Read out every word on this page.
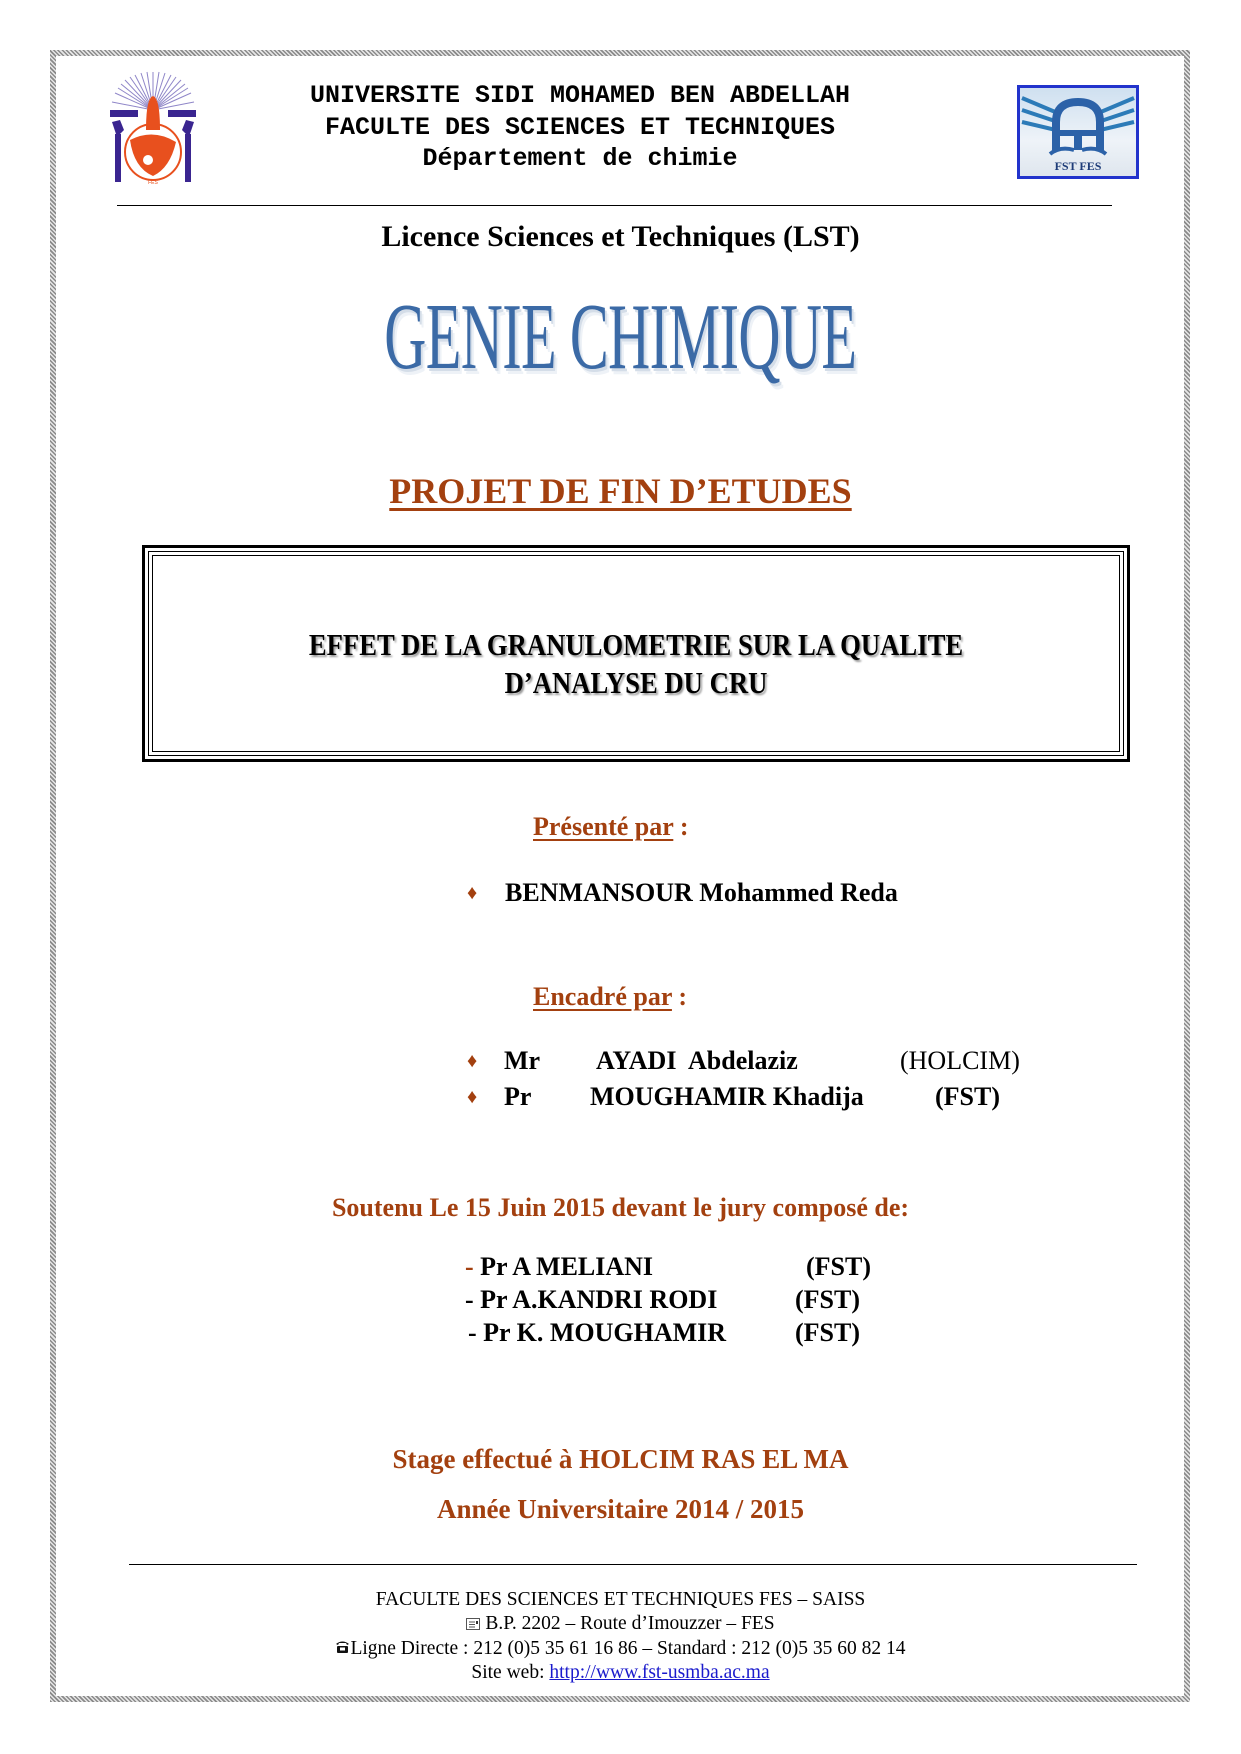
FES
UNIVERSITE SIDI MOHAMED BEN ABDELLAH
FACULTE DES SCIENCES ET TECHNIQUES
Département de chimie	FST FES
Licence Sciences et Techniques (LST)
GENIE CHIMIQUE
PROJET DE FIN D’ETUDES
EFFET DE LA GRANULOMETRIE SUR LA QUALITE
D’ANALYSE DU CRU
Présenté par :
♦ BENMANSOUR Mohammed Reda
Encadré par :
♦ Mr AYADI  Abdelaziz	(HOLCIM)
♦ Pr MOUGHAMIR Khadija	(FST)
Soutenu Le 15 Juin 2015 devant le jury composé de:
- Pr A MELIANI	(FST)
- Pr A.KANDRI RODI	(FST)
- Pr K. MOUGHAMIR	(FST)
Stage effectué à HOLCIM RAS EL MA
Année Universitaire 2014 / 2015
FACULTE DES SCIENCES ET TECHNIQUES FES – SAISS
B.P. 2202 – Route d’Imouzzer – FES
Ligne Directe : 212 (0)5 35 61 16 86 – Standard : 212 (0)5 35 60 82 14
Site web: http://www.fst-usmba.ac.ma
